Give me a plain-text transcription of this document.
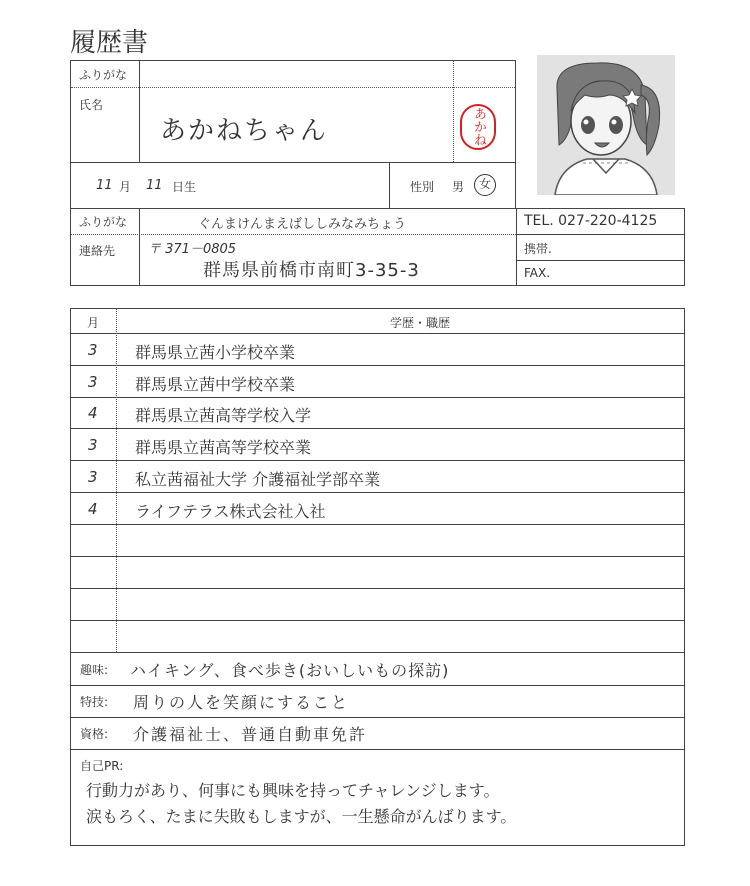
履歴書
ふりがな
氏名
あかねちゃん	あかね
11 月 11 日生	性別 男	女
ふりがな	ぐんまけんまえばししみなみちょう
連絡先	〒 371－0805
群馬県前橋市南町3-35-3
TEL. 027-220-4125
携帯.
FAX.
月	学歴・職歴
3 群馬県立茜小学校卒業
3 群馬県立茜中学校卒業
4 群馬県立茜高等学校入学
3 群馬県立茜高等学校卒業
3 私立茜福祉大学 介護福祉学部卒業
4 ライフテラス株式会社入社
趣味: ハイキング、食べ歩き(おいしいもの探訪)
特技: 周りの人を笑顔にすること
資格: 介護福祉士、普通自動車免許
自己PR:
行動力があり、何事にも興味を持ってチャレンジします。
涙もろく、たまに失敗もしますが、一生懸命がんばります。
